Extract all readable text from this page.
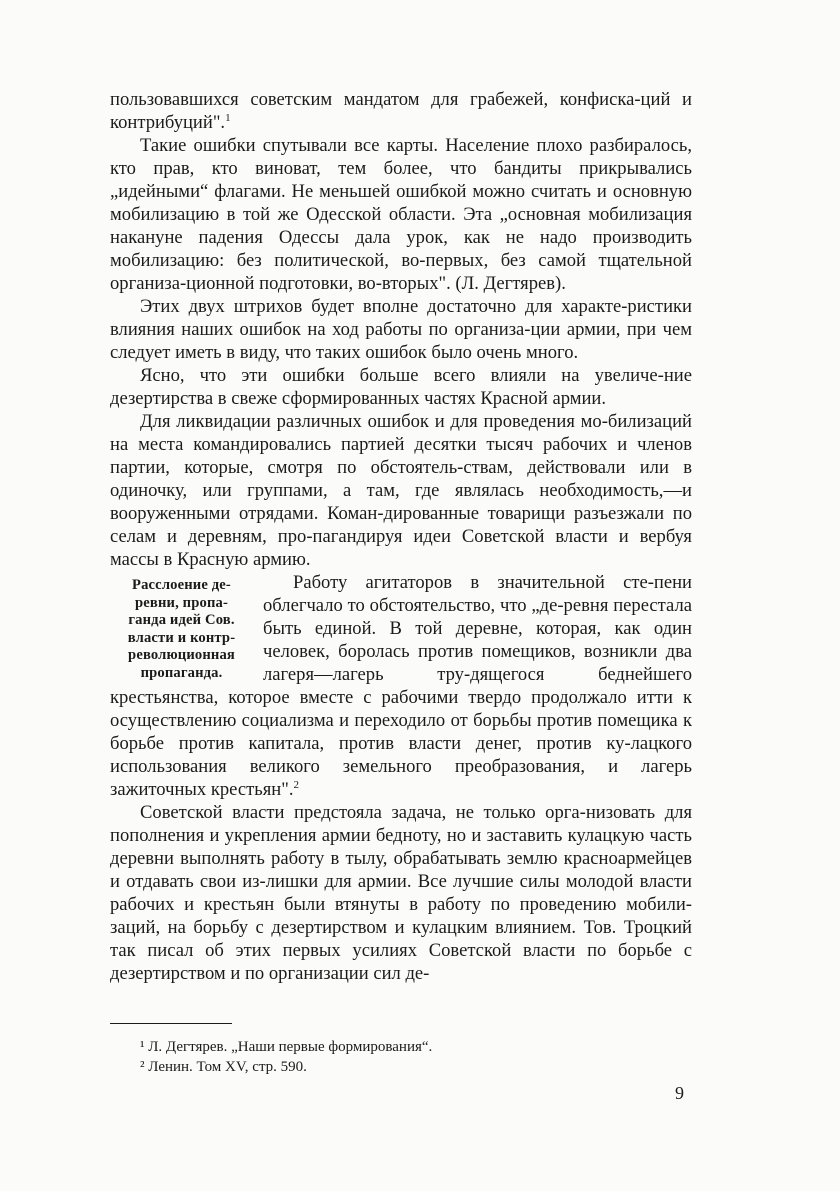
пользовавшихся советским мандатом для грабежей, конфиска-ций и контрибуций".$^1$

Такие ошибки спутывали все карты. Население плохо разбиралось, кто прав, кто виноват, тем более, что бандиты прикрывались „идейными“ флагами. Не меньшей ошибкой можно считать и основную мобилизацию в той же Одесской области. Эта „основная мобилизация накануне падения Одессы дала урок, как не надо производить мобилизацию: без политической, во-первых, без самой тщательной организа-ционной подготовки, во-вторых". (Л. Дегтярев).

Этих двух штрихов будет вполне достаточно для характе-ристики влияния наших ошибок на ход работы по организа-ции армии, при чем следует иметь в виду, что таких ошибок было очень много.

Ясно, что эти ошибки больше всего влияли на увеличе-ние дезертирства в свеже сформированных частях Красной армии.

Для ликвидации различных ошибок и для проведения мо-билизаций на места командировались партией десятки тысяч рабочих и членов партии, которые, смотря по обстоятель-ствам, действовали или в одиночку, или группами, а там, где являлась необходимость,—и вооруженными отрядами. Коман-дированные товарищи разъезжали по селам и деревням, про-пагандируя идеи Советской власти и вербуя массы в Красную армию.

Расслоение де-
ревни, пропа-
ганда идей Сов.
власти и контр-
революционная
пропаганда.
Работу агитаторов в значительной сте-пени облегчало то обстоятельство, что „де-ревня перестала быть единой. В той деревне, которая, как один человек, боролась против помещиков, возникли два лагеря—лагерь тру-дящегося беднейшего крестьянства, которое вместе с рабочими твердо продолжало итти к осуществлению социализма и переходило от борьбы против помещика к борьбе против капитала, против власти денег, против ку-лацкого использования великого земельного преобразования, и лагерь зажиточных крестьян".$^2$

Советской власти предстояла задача, не только орга-низовать для пополнения и укрепления армии бедноту, но и заставить кулацкую часть деревни выполнять работу в тылу, обрабатывать землю красноармейцев и отдавать свои из-лишки для армии. Все лучшие силы молодой власти рабочих и крестьян были втянуты в работу по проведению мобили-заций, на борьбу с дезертирством и кулацким влиянием. Тов. Троцкий так писал об этих первых усилиях Советской власти по борьбе с дезертирством и по организации сил де-

¹ Л. Дегтярев. „Наши первые формирования“.
² Ленин. Том XV, стр. 590.
9
